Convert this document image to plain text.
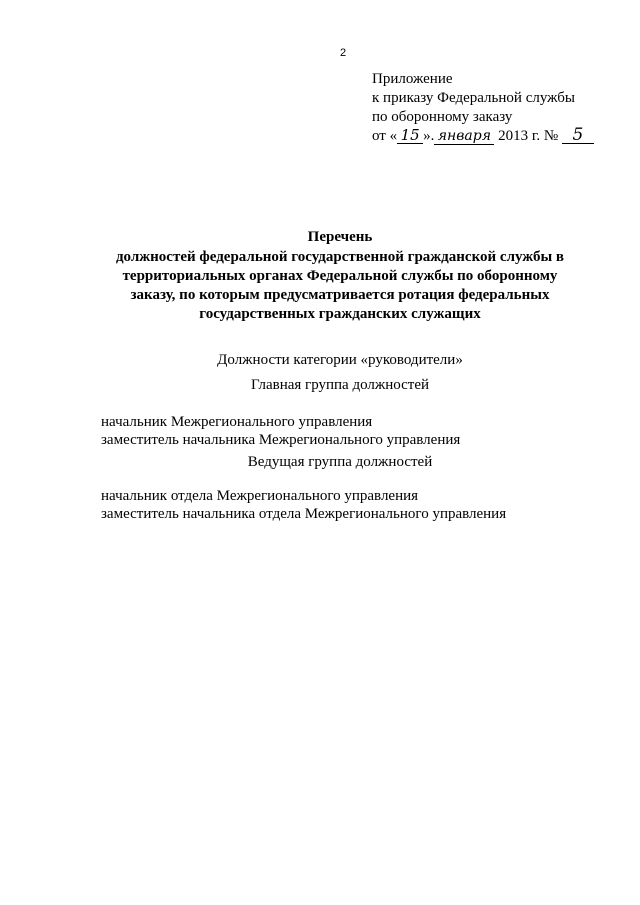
2
Приложение
к приказу Федеральной службы
по оборонному заказу
от « 15 ». января 2013 г. № 5
Перечень
должностей федеральной государственной гражданской службы в
территориальных органах Федеральной службы по оборонному
заказу, по которым предусматривается ротация федеральных
государственных гражданских служащих
Должности категории «руководители»
Главная группа должностей
начальник Межрегионального управления
заместитель начальника Межрегионального управления
Ведущая группа должностей
начальник отдела Межрегионального управления
заместитель начальника отдела Межрегионального управления
